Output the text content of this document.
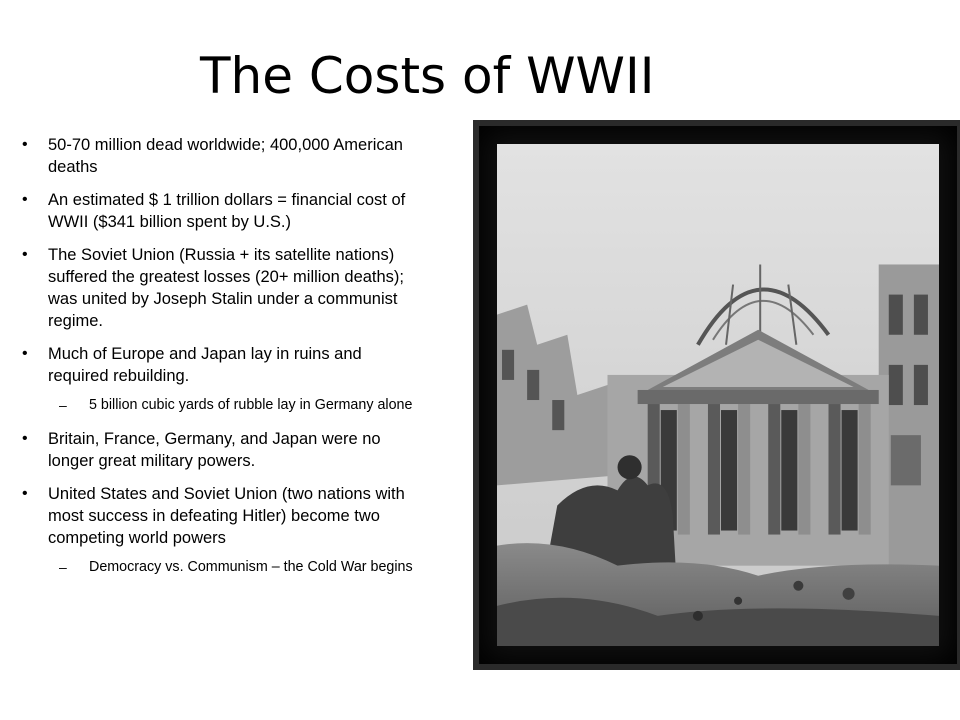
The Costs of WWII
• 50-70 million dead worldwide; 400,000 American deaths
• An estimated $ 1 trillion dollars = financial cost of WWII ($341 billion spent by U.S.)
• The Soviet Union (Russia + its satellite nations) suffered the greatest losses (20+ million deaths); was united by Joseph Stalin under a communist regime.
• Much of Europe and Japan lay in ruins and required rebuilding.
– 5 billion cubic yards of rubble lay in Germany alone
• Britain, France, Germany, and Japan were no longer great military powers.
• United States and Soviet Union (two nations with most success in defeating Hitler) become two competing world powers
– Democracy vs. Communism – the Cold War begins
